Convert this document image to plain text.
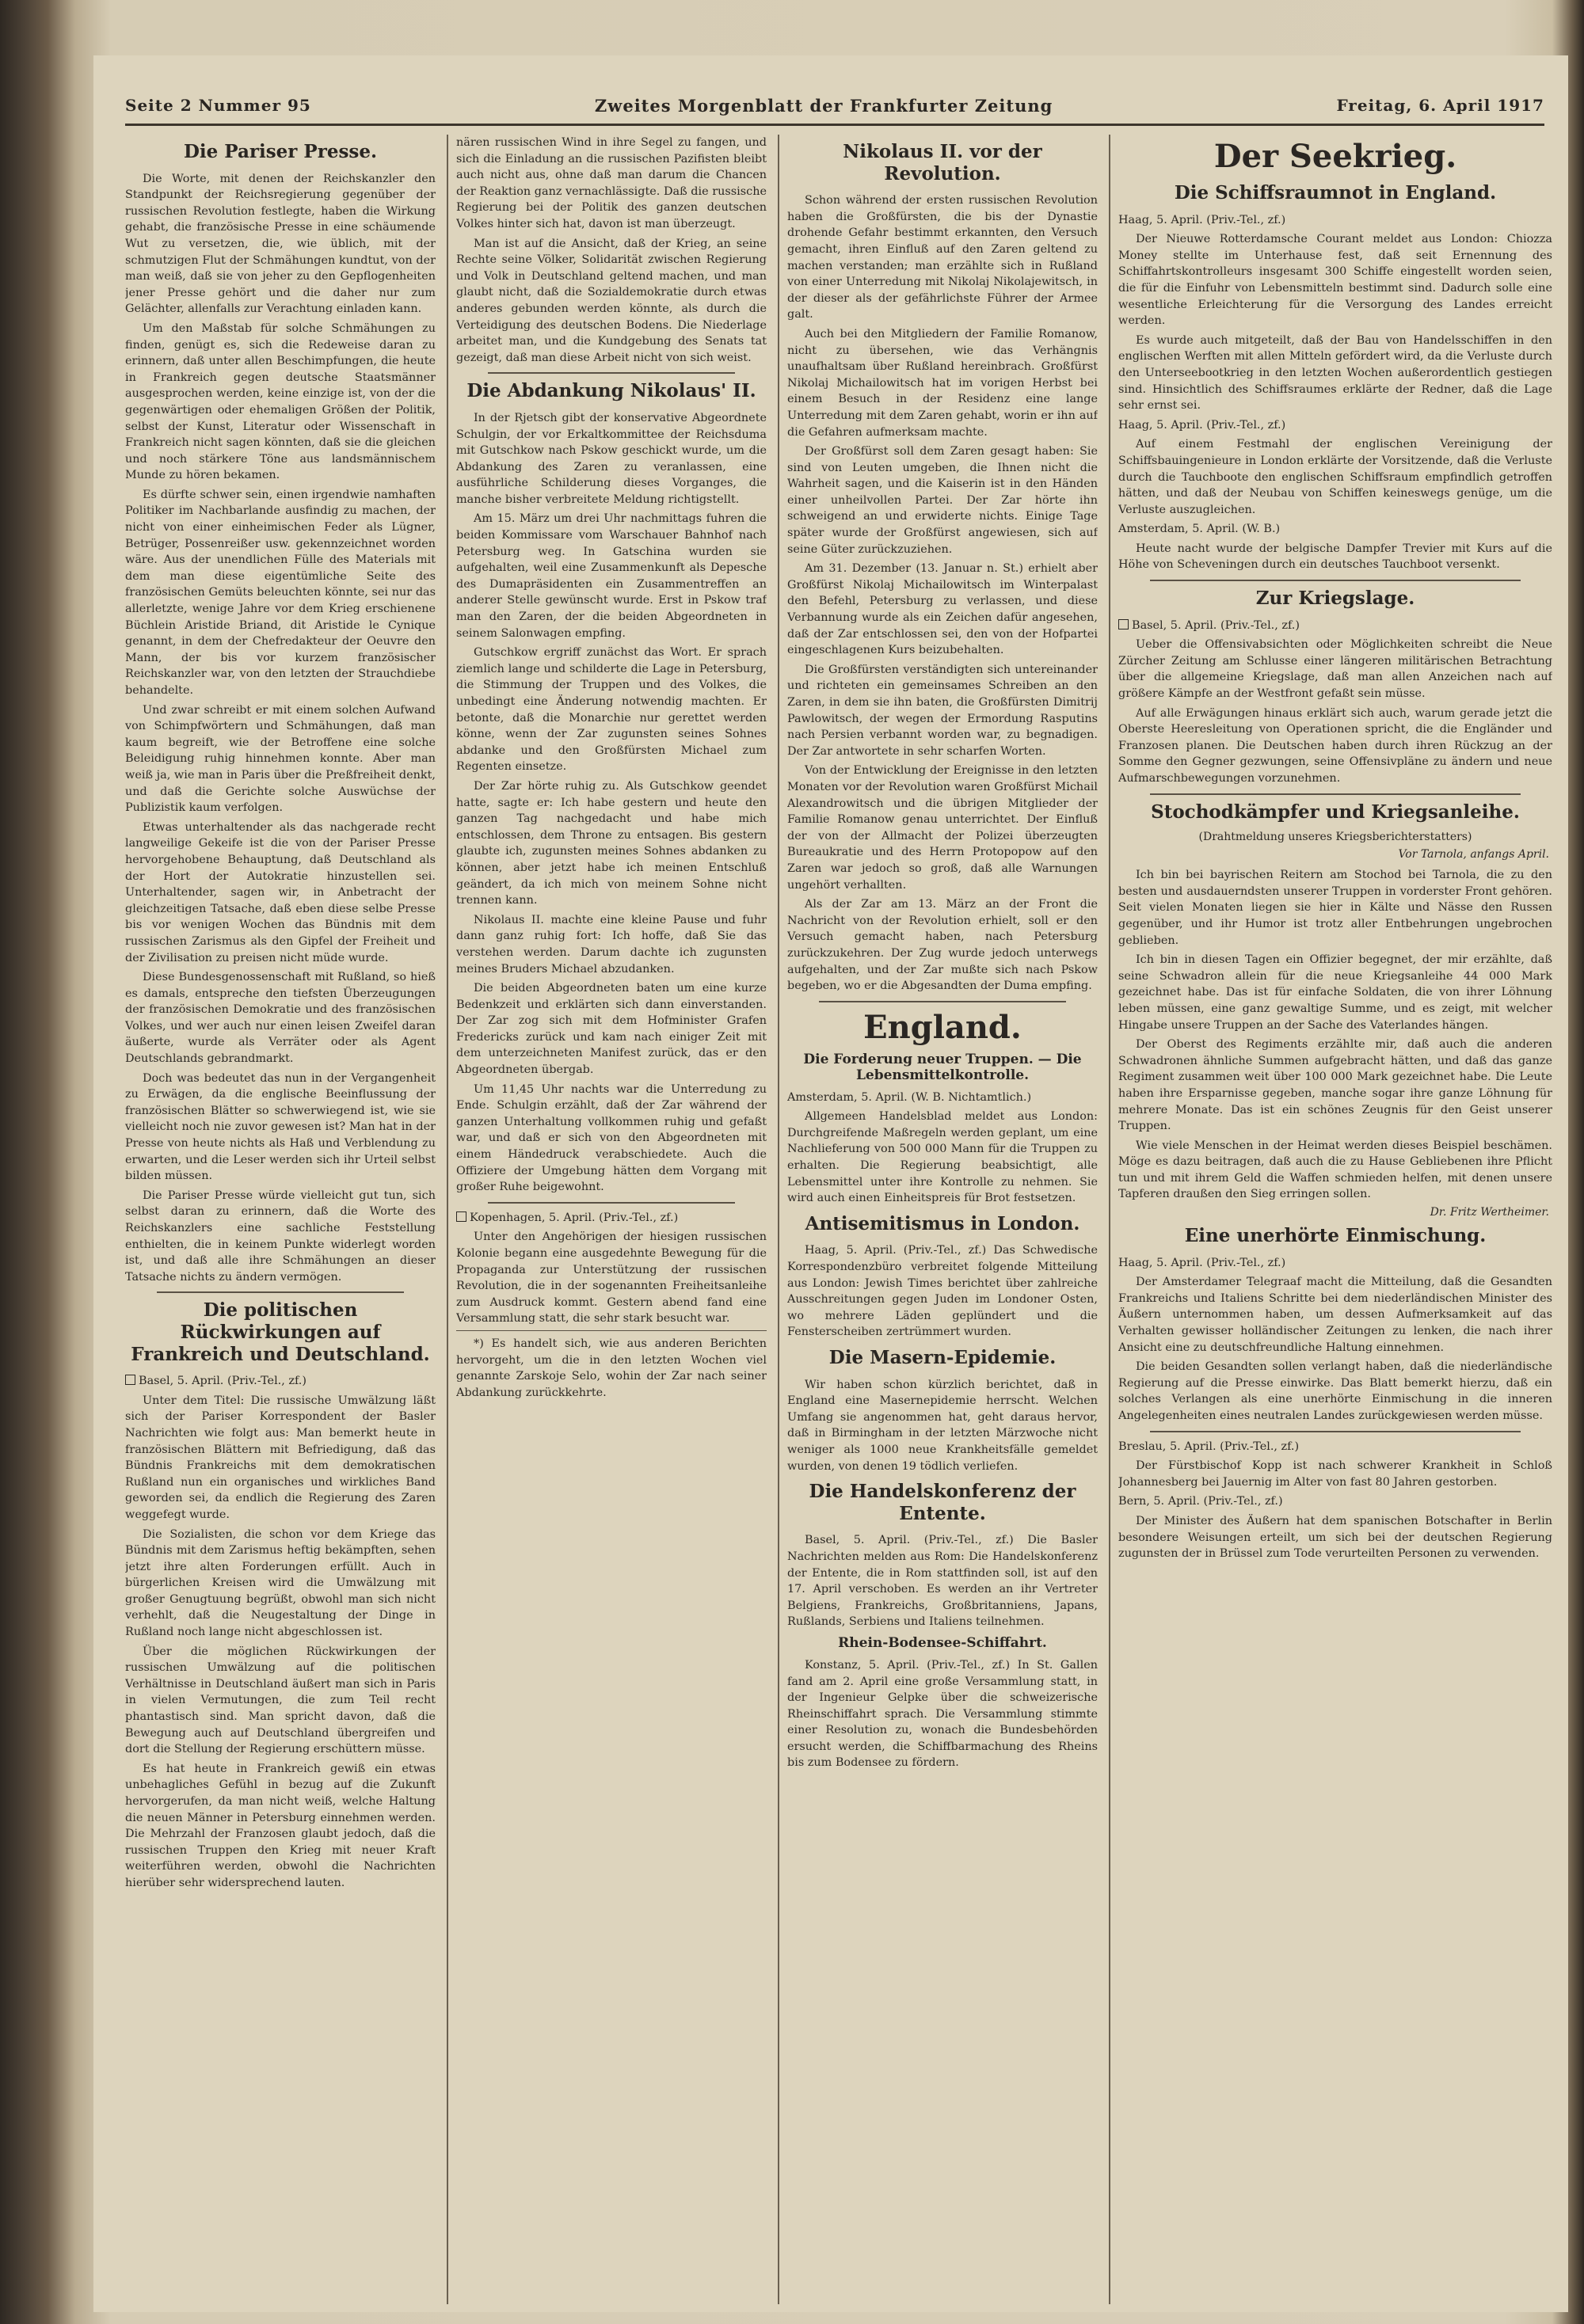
Seite 2 Nummer 95	Zweites Morgenblatt der Frankfurter Zeitung	Freitag, 6. April 1917
Die Pariser Presse.

Die Worte, mit denen der Reichskanzler den Standpunkt der Reichsregierung gegenüber der russischen Revolution festlegte, haben die Wirkung gehabt, die französische Presse in eine schäumende Wut zu versetzen, die, wie üblich, mit der schmutzigen Flut der Schmähungen kundtut, von der man weiß, daß sie von jeher zu den Gepflogenheiten jener Presse gehört und die daher nur zum Gelächter, allenfalls zur Verachtung einladen kann.

Um den Maßstab für solche Schmähungen zu finden, genügt es, sich die Redeweise daran zu erinnern, daß unter allen Beschimpfungen, die heute in Frankreich gegen deutsche Staatsmänner ausgesprochen werden, keine einzige ist, von der die gegenwärtigen oder ehemaligen Größen der Politik, selbst der Kunst, Literatur oder Wissenschaft in Frankreich nicht sagen könnten, daß sie die gleichen und noch stärkere Töne aus landsmännischem Munde zu hören bekamen.

Es dürfte schwer sein, einen irgendwie namhaften Politiker im Nachbarlande ausfindig zu machen, der nicht von einer einheimischen Feder als Lügner, Betrüger, Possenreißer usw. gekennzeichnet worden wäre. Aus der unendlichen Fülle des Materials mit dem man diese eigentümliche Seite des französischen Gemüts beleuchten könnte, sei nur das allerletzte, wenige Jahre vor dem Krieg erschienene Büchlein Aristide Briand, dit Aristide le Cynique genannt, in dem der Chefredakteur der Oeuvre den Mann, der bis vor kurzem französischer Reichskanzler war, von den letzten der Strauchdiebe behandelte.

Und zwar schreibt er mit einem solchen Aufwand von Schimpfwörtern und Schmähungen, daß man kaum begreift, wie der Betroffene eine solche Beleidigung ruhig hinnehmen konnte. Aber man weiß ja, wie man in Paris über die Preßfreiheit denkt, und daß die Gerichte solche Auswüchse der Publizistik kaum verfolgen.

Etwas unterhaltender als das nachgerade recht langweilige Gekeife ist die von der Pariser Presse hervorgehobene Behauptung, daß Deutschland als der Hort der Autokratie hinzustellen sei. Unterhaltender, sagen wir, in Anbetracht der gleichzeitigen Tatsache, daß eben diese selbe Presse bis vor wenigen Wochen das Bündnis mit dem russischen Zarismus als den Gipfel der Freiheit und der Zivilisation zu preisen nicht müde wurde.

Diese Bundesgenossenschaft mit Rußland, so hieß es damals, entspreche den tiefsten Überzeugungen der französischen Demokratie und des französischen Volkes, und wer auch nur einen leisen Zweifel daran äußerte, wurde als Verräter oder als Agent Deutschlands gebrandmarkt.

Doch was bedeutet das nun in der Vergangenheit zu Erwägen, da die englische Beeinflussung der französischen Blätter so schwerwiegend ist, wie sie vielleicht noch nie zuvor gewesen ist? Man hat in der Presse von heute nichts als Haß und Verblendung zu erwarten, und die Leser werden sich ihr Urteil selbst bilden müssen.

Die Pariser Presse würde vielleicht gut tun, sich selbst daran zu erinnern, daß die Worte des Reichskanzlers eine sachliche Feststellung enthielten, die in keinem Punkte widerlegt worden ist, und daß alle ihre Schmähungen an dieser Tatsache nichts zu ändern vermögen.

Die politischen Rückwirkungen auf Frankreich und Deutschland.

Basel, 5. April. (Priv.-Tel., zf.)

Unter dem Titel: Die russische Umwälzung läßt sich der Pariser Korrespondent der Basler Nachrichten wie folgt aus: Man bemerkt heute in französischen Blättern mit Befriedigung, daß das Bündnis Frankreichs mit dem demokratischen Rußland nun ein organisches und wirkliches Band geworden sei, da endlich die Regierung des Zaren weggefegt wurde.

Die Sozialisten, die schon vor dem Kriege das Bündnis mit dem Zarismus heftig bekämpften, sehen jetzt ihre alten Forderungen erfüllt. Auch in bürgerlichen Kreisen wird die Umwälzung mit großer Genugtuung begrüßt, obwohl man sich nicht verhehlt, daß die Neugestaltung der Dinge in Rußland noch lange nicht abgeschlossen ist.

Über die möglichen Rückwirkungen der russischen Umwälzung auf die politischen Verhältnisse in Deutschland äußert man sich in Paris in vielen Vermutungen, die zum Teil recht phantastisch sind. Man spricht davon, daß die Bewegung auch auf Deutschland übergreifen und dort die Stellung der Regierung erschüttern müsse.

Es hat heute in Frankreich gewiß ein etwas unbehagliches Gefühl in bezug auf die Zukunft hervorgerufen, da man nicht weiß, welche Haltung die neuen Männer in Petersburg einnehmen werden. Die Mehrzahl der Franzosen glaubt jedoch, daß die russischen Truppen den Krieg mit neuer Kraft weiterführen werden, obwohl die Nachrichten hierüber sehr widersprechend lauten.

nären russischen Wind in ihre Segel zu fangen, und sich die Einladung an die russischen Pazifisten bleibt auch nicht aus, ohne daß man darum die Chancen der Reaktion ganz vernachlässigte. Daß die russische Regierung bei der Politik des ganzen deutschen Volkes hinter sich hat, davon ist man überzeugt.

Man ist auf die Ansicht, daß der Krieg, an seine Rechte seine Völker, Solidarität zwischen Regierung und Volk in Deutschland geltend machen, und man glaubt nicht, daß die Sozialdemokratie durch etwas anderes gebunden werden könnte, als durch die Verteidigung des deutschen Bodens. Die Niederlage arbeitet man, und die Kundgebung des Senats tat gezeigt, daß man diese Arbeit nicht von sich weist.

Die Abdankung Nikolaus' II.

In der Rjetsch gibt der konservative Abgeordnete Schulgin, der vor Erkaltkommittee der Reichsduma mit Gutschkow nach Pskow geschickt wurde, um die Abdankung des Zaren zu veranlassen, eine ausführliche Schilderung dieses Vorganges, die manche bisher verbreitete Meldung richtigstellt.

Am 15. März um drei Uhr nachmittags fuhren die beiden Kommissare vom Warschauer Bahnhof nach Petersburg weg. In Gatschina wurden sie aufgehalten, weil eine Zusammenkunft als Depesche des Dumapräsidenten ein Zusammentreffen an anderer Stelle gewünscht wurde. Erst in Pskow traf man den Zaren, der die beiden Abgeordneten in seinem Salonwagen empfing.

Gutschkow ergriff zunächst das Wort. Er sprach ziemlich lange und schilderte die Lage in Petersburg, die Stimmung der Truppen und des Volkes, die unbedingt eine Änderung notwendig machten. Er betonte, daß die Monarchie nur gerettet werden könne, wenn der Zar zugunsten seines Sohnes abdanke und den Großfürsten Michael zum Regenten einsetze.

Der Zar hörte ruhig zu. Als Gutschkow geendet hatte, sagte er: Ich habe gestern und heute den ganzen Tag nachgedacht und habe mich entschlossen, dem Throne zu entsagen. Bis gestern glaubte ich, zugunsten meines Sohnes abdanken zu können, aber jetzt habe ich meinen Entschluß geändert, da ich mich von meinem Sohne nicht trennen kann.

Nikolaus II. machte eine kleine Pause und fuhr dann ganz ruhig fort: Ich hoffe, daß Sie das verstehen werden. Darum dachte ich zugunsten meines Bruders Michael abzudanken.

Die beiden Abgeordneten baten um eine kurze Bedenkzeit und erklärten sich dann einverstanden. Der Zar zog sich mit dem Hofminister Grafen Fredericks zurück und kam nach einiger Zeit mit dem unterzeichneten Manifest zurück, das er den Abgeordneten übergab.

Um 11,45 Uhr nachts war die Unterredung zu Ende. Schulgin erzählt, daß der Zar während der ganzen Unterhaltung vollkommen ruhig und gefaßt war, und daß er sich von den Abgeordneten mit einem Händedruck verabschiedete. Auch die Offiziere der Umgebung hätten dem Vorgang mit großer Ruhe beigewohnt.

Kopenhagen, 5. April. (Priv.-Tel., zf.)

Unter den Angehörigen der hiesigen russischen Kolonie begann eine ausgedehnte Bewegung für die Propaganda zur Unterstützung der russischen Revolution, die in der sogenannten Freiheitsanleihe zum Ausdruck kommt. Gestern abend fand eine Versammlung statt, die sehr stark besucht war.

*) Es handelt sich, wie aus anderen Berichten hervorgeht, um die in den letzten Wochen viel genannte Zarskoje Selo, wohin der Zar nach seiner Abdankung zurückkehrte.

Nikolaus II. vor der Revolution.

Schon während der ersten russischen Revolution haben die Großfürsten, die bis der Dynastie drohende Gefahr bestimmt erkannten, den Versuch gemacht, ihren Einfluß auf den Zaren geltend zu machen verstanden; man erzählte sich in Rußland von einer Unterredung mit Nikolaj Nikolajewitsch, in der dieser als der gefährlichste Führer der Armee galt.

Auch bei den Mitgliedern der Familie Romanow, nicht zu übersehen, wie das Verhängnis unaufhaltsam über Rußland hereinbrach. Großfürst Nikolaj Michailowitsch hat im vorigen Herbst bei einem Besuch in der Residenz eine lange Unterredung mit dem Zaren gehabt, worin er ihn auf die Gefahren aufmerksam machte.

Der Großfürst soll dem Zaren gesagt haben: Sie sind von Leuten umgeben, die Ihnen nicht die Wahrheit sagen, und die Kaiserin ist in den Händen einer unheilvollen Partei. Der Zar hörte ihn schweigend an und erwiderte nichts. Einige Tage später wurde der Großfürst angewiesen, sich auf seine Güter zurückzuziehen.

Am 31. Dezember (13. Januar n. St.) erhielt aber Großfürst Nikolaj Michailowitsch im Winterpalast den Befehl, Petersburg zu verlassen, und diese Verbannung wurde als ein Zeichen dafür angesehen, daß der Zar entschlossen sei, den von der Hofpartei eingeschlagenen Kurs beizubehalten.

Die Großfürsten verständigten sich untereinander und richteten ein gemeinsames Schreiben an den Zaren, in dem sie ihn baten, die Großfürsten Dimitrij Pawlowitsch, der wegen der Ermordung Rasputins nach Persien verbannt worden war, zu begnadigen. Der Zar antwortete in sehr scharfen Worten.

Von der Entwicklung der Ereignisse in den letzten Monaten vor der Revolution waren Großfürst Michail Alexandrowitsch und die übrigen Mitglieder der Familie Romanow genau unterrichtet. Der Einfluß der von der Allmacht der Polizei überzeugten Bureaukratie und des Herrn Protopopow auf den Zaren war jedoch so groß, daß alle Warnungen ungehört verhallten.

Als der Zar am 13. März an der Front die Nachricht von der Revolution erhielt, soll er den Versuch gemacht haben, nach Petersburg zurückzukehren. Der Zug wurde jedoch unterwegs aufgehalten, und der Zar mußte sich nach Pskow begeben, wo er die Abgesandten der Duma empfing.

England.
Die Forderung neuer Truppen. — Die Lebensmittelkontrolle.

Amsterdam, 5. April. (W. B. Nichtamtlich.)

Allgemeen Handelsblad meldet aus London: Durchgreifende Maßregeln werden geplant, um eine Nachlieferung von 500 000 Mann für die Truppen zu erhalten. Die Regierung beabsichtigt, alle Lebensmittel unter ihre Kontrolle zu nehmen. Sie wird auch einen Einheitspreis für Brot festsetzen.

Antisemitismus in London.

Haag, 5. April. (Priv.-Tel., zf.) Das Schwedische Korrespondenzbüro verbreitet folgende Mitteilung aus London: Jewish Times berichtet über zahlreiche Ausschreitungen gegen Juden im Londoner Osten, wo mehrere Läden geplündert und die Fensterscheiben zertrümmert wurden.

Die Masern-Epidemie.

Wir haben schon kürzlich berichtet, daß in England eine Masernepidemie herrscht. Welchen Umfang sie angenommen hat, geht daraus hervor, daß in Birmingham in der letzten Märzwoche nicht weniger als 1000 neue Krankheitsfälle gemeldet wurden, von denen 19 tödlich verliefen.

Die Handelskonferenz der Entente.

Basel, 5. April. (Priv.-Tel., zf.) Die Basler Nachrichten melden aus Rom: Die Handelskonferenz der Entente, die in Rom stattfinden soll, ist auf den 17. April verschoben. Es werden an ihr Vertreter Belgiens, Frankreichs, Großbritanniens, Japans, Rußlands, Serbiens und Italiens teilnehmen.

Rhein-Bodensee-Schiffahrt.

Konstanz, 5. April. (Priv.-Tel., zf.) In St. Gallen fand am 2. April eine große Versammlung statt, in der Ingenieur Gelpke über die schweizerische Rheinschiffahrt sprach. Die Versammlung stimmte einer Resolution zu, wonach die Bundesbehörden ersucht werden, die Schiffbarmachung des Rheins bis zum Bodensee zu fördern.

Der Seekrieg.
Die Schiffsraumnot in England.

Haag, 5. April. (Priv.-Tel., zf.)

Der Nieuwe Rotterdamsche Courant meldet aus London: Chiozza Money stellte im Unterhause fest, daß seit Ernennung des Schiffahrtskontrolleurs insgesamt 300 Schiffe eingestellt worden seien, die für die Einfuhr von Lebensmitteln bestimmt sind. Dadurch solle eine wesentliche Erleichterung für die Versorgung des Landes erreicht werden.

Es wurde auch mitgeteilt, daß der Bau von Handelsschiffen in den englischen Werften mit allen Mitteln gefördert wird, da die Verluste durch den Unterseebootkrieg in den letzten Wochen außerordentlich gestiegen sind. Hinsichtlich des Schiffsraumes erklärte der Redner, daß die Lage sehr ernst sei.

Haag, 5. April. (Priv.-Tel., zf.)

Auf einem Festmahl der englischen Vereinigung der Schiffsbauingenieure in London erklärte der Vorsitzende, daß die Verluste durch die Tauchboote den englischen Schiffsraum empfindlich getroffen hätten, und daß der Neubau von Schiffen keineswegs genüge, um die Verluste auszugleichen.

Amsterdam, 5. April. (W. B.)

Heute nacht wurde der belgische Dampfer Trevier mit Kurs auf die Höhe von Scheveningen durch ein deutsches Tauchboot versenkt.

Zur Kriegslage.

Basel, 5. April. (Priv.-Tel., zf.)

Ueber die Offensivabsichten oder Möglichkeiten schreibt die Neue Zürcher Zeitung am Schlusse einer längeren militärischen Betrachtung über die allgemeine Kriegslage, daß man allen Anzeichen nach auf größere Kämpfe an der Westfront gefaßt sein müsse.

Auf alle Erwägungen hinaus erklärt sich auch, warum gerade jetzt die Oberste Heeresleitung von Operationen spricht, die die Engländer und Franzosen planen. Die Deutschen haben durch ihren Rückzug an der Somme den Gegner gezwungen, seine Offensivpläne zu ändern und neue Aufmarschbewegungen vorzunehmen.

Stochodkämpfer und Kriegsanleihe.

(Drahtmeldung unseres Kriegsberichterstatters)

Vor Tarnola, anfangs April.

Ich bin bei bayrischen Reitern am Stochod bei Tarnola, die zu den besten und ausdauerndsten unserer Truppen in vorderster Front gehören. Seit vielen Monaten liegen sie hier in Kälte und Nässe den Russen gegenüber, und ihr Humor ist trotz aller Entbehrungen ungebrochen geblieben.

Ich bin in diesen Tagen ein Offizier begegnet, der mir erzählte, daß seine Schwadron allein für die neue Kriegsanleihe 44 000 Mark gezeichnet habe. Das ist für einfache Soldaten, die von ihrer Löhnung leben müssen, eine ganz gewaltige Summe, und es zeigt, mit welcher Hingabe unsere Truppen an der Sache des Vaterlandes hängen.

Der Oberst des Regiments erzählte mir, daß auch die anderen Schwadronen ähnliche Summen aufgebracht hätten, und daß das ganze Regiment zusammen weit über 100 000 Mark gezeichnet habe. Die Leute haben ihre Ersparnisse gegeben, manche sogar ihre ganze Löhnung für mehrere Monate. Das ist ein schönes Zeugnis für den Geist unserer Truppen.

Wie viele Menschen in der Heimat werden dieses Beispiel beschämen. Möge es dazu beitragen, daß auch die zu Hause Gebliebenen ihre Pflicht tun und mit ihrem Geld die Waffen schmieden helfen, mit denen unsere Tapferen draußen den Sieg erringen sollen.

Dr. Fritz Wertheimer.

Eine unerhörte Einmischung.

Haag, 5. April. (Priv.-Tel., zf.)

Der Amsterdamer Telegraaf macht die Mitteilung, daß die Gesandten Frankreichs und Italiens Schritte bei dem niederländischen Minister des Äußern unternommen haben, um dessen Aufmerksamkeit auf das Verhalten gewisser holländischer Zeitungen zu lenken, die nach ihrer Ansicht eine zu deutschfreundliche Haltung einnehmen.

Die beiden Gesandten sollen verlangt haben, daß die niederländische Regierung auf die Presse einwirke. Das Blatt bemerkt hierzu, daß ein solches Verlangen als eine unerhörte Einmischung in die inneren Angelegenheiten eines neutralen Landes zurückgewiesen werden müsse.

Breslau, 5. April. (Priv.-Tel., zf.)

Der Fürstbischof Kopp ist nach schwerer Krankheit in Schloß Johannesberg bei Jauernig im Alter von fast 80 Jahren gestorben.

Bern, 5. April. (Priv.-Tel., zf.)

Der Minister des Äußern hat dem spanischen Botschafter in Berlin besondere Weisungen erteilt, um sich bei der deutschen Regierung zugunsten der in Brüssel zum Tode verurteilten Personen zu verwenden.
